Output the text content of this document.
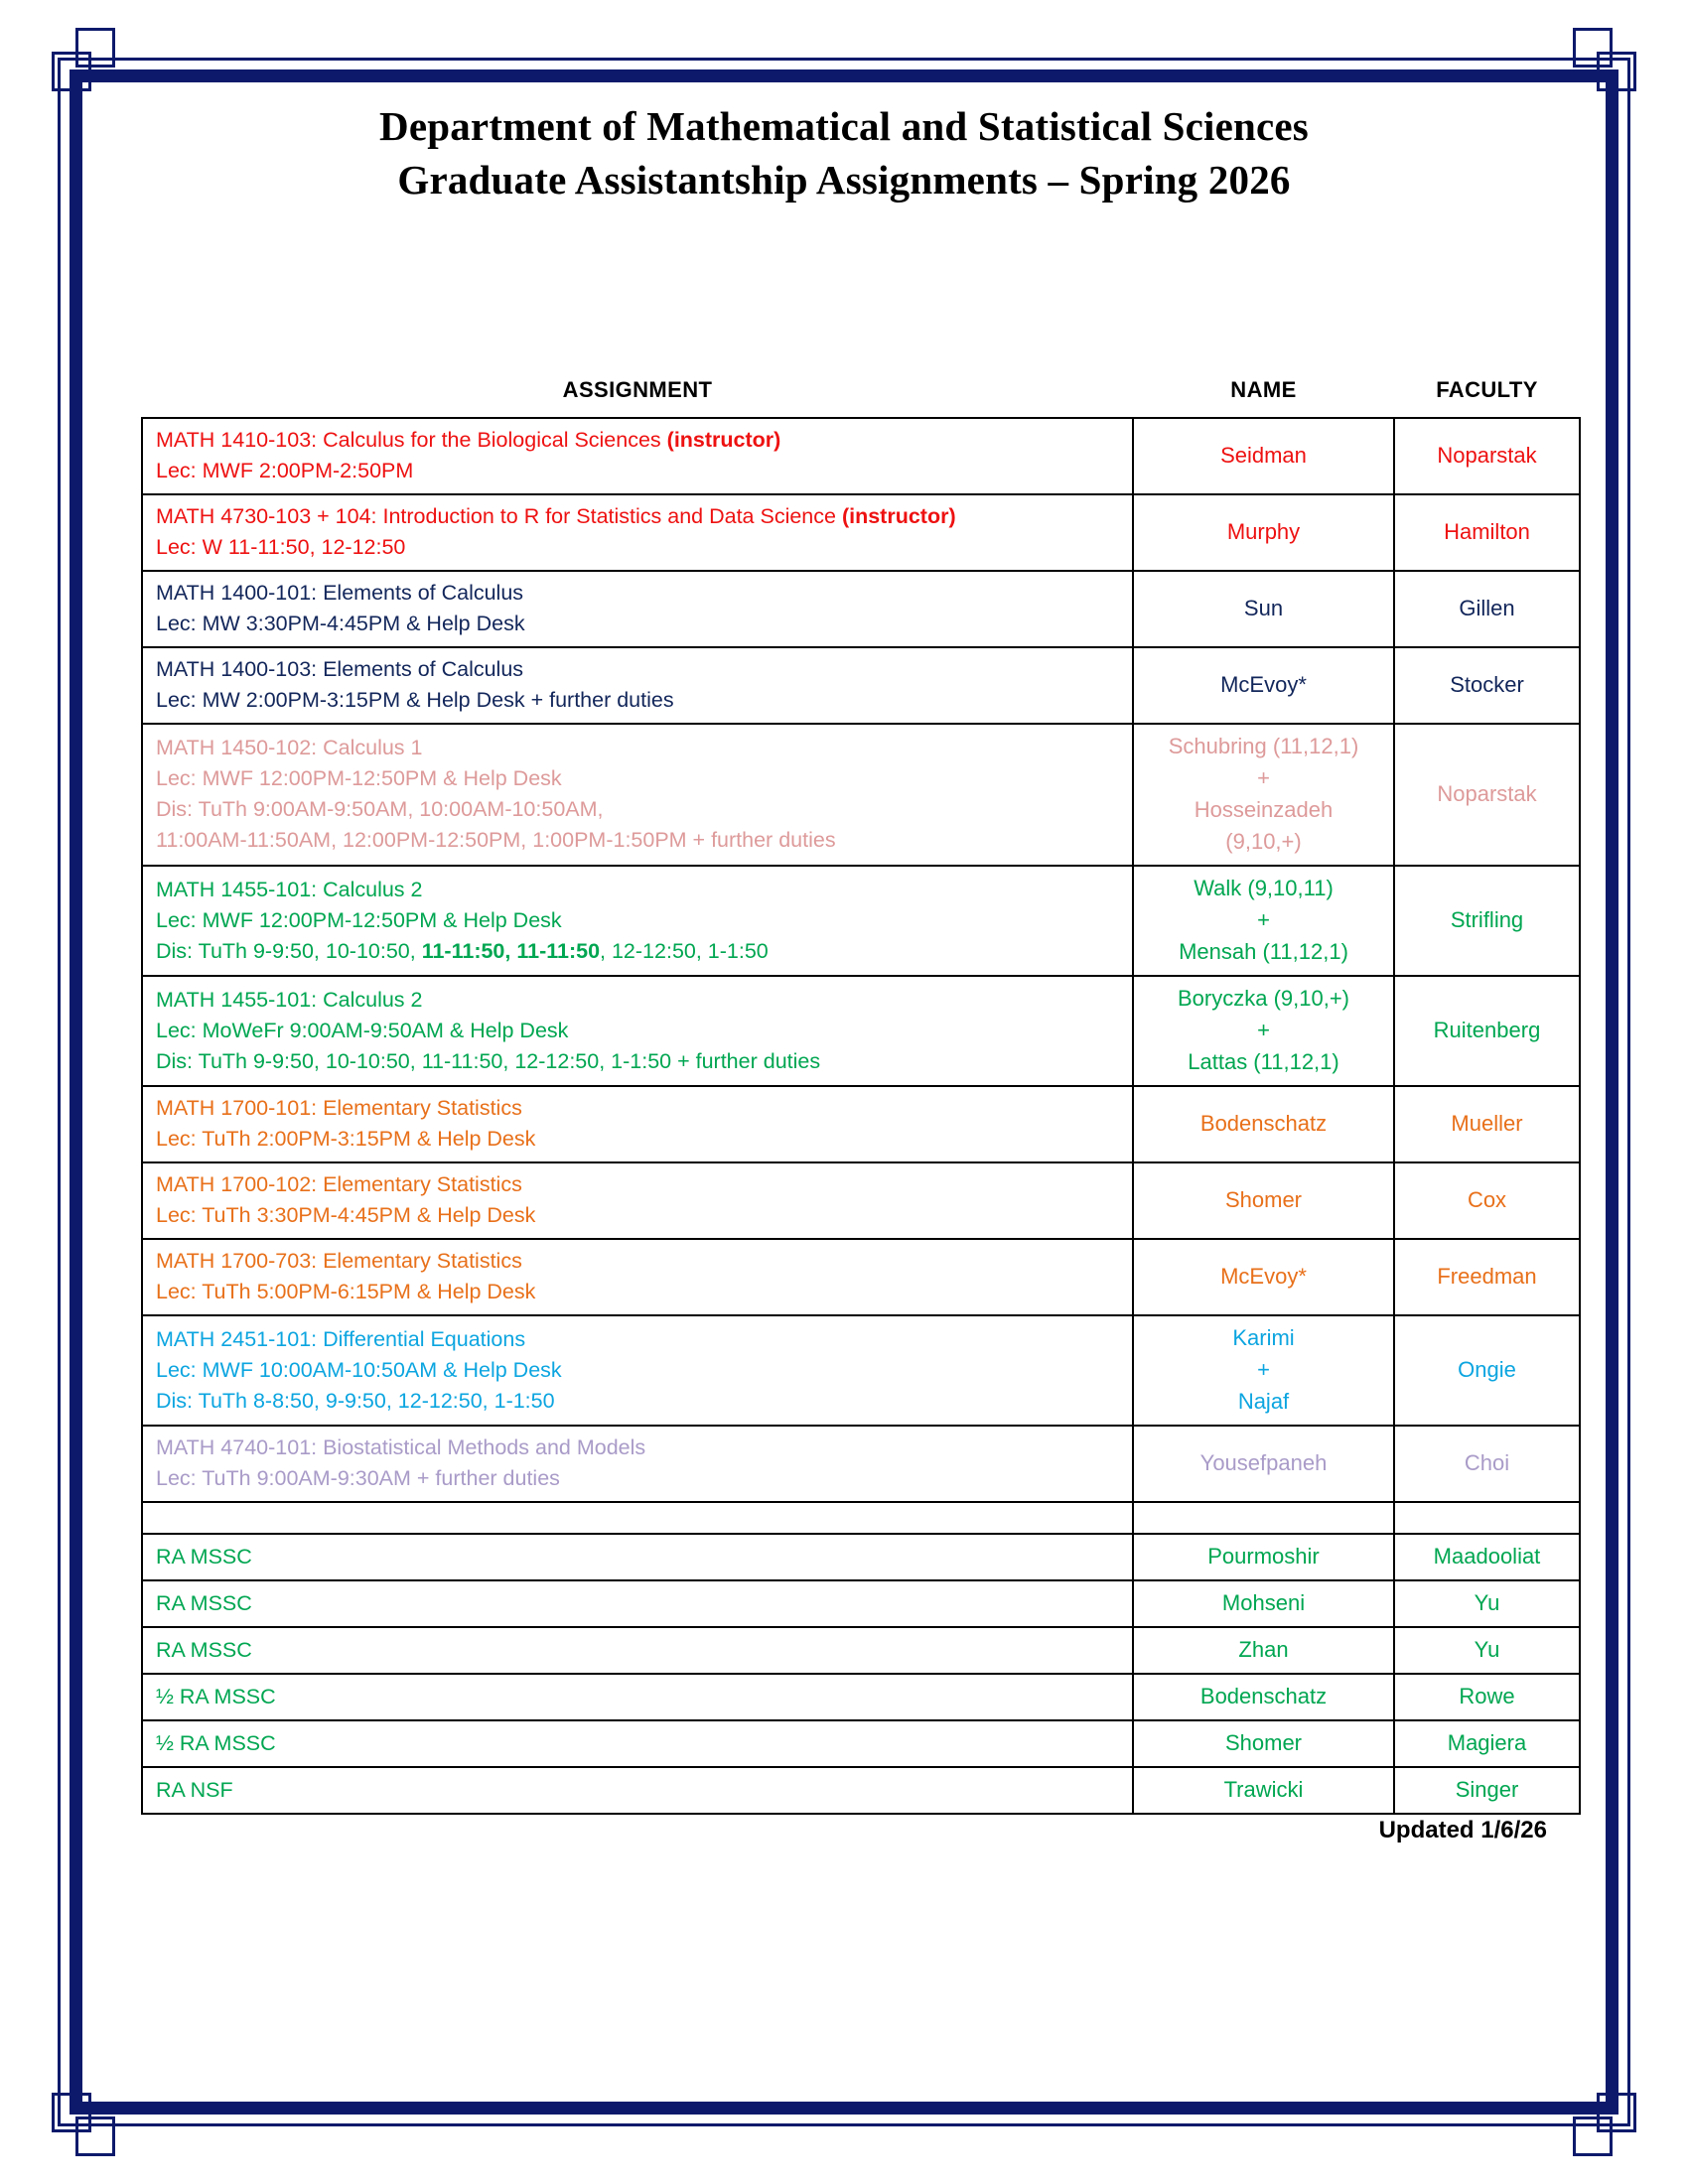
Department of Mathematical and Statistical Sciences
Graduate Assistantship Assignments – Spring 2026
ASSIGNMENT	NAME	FACULTY

MATH 1410-103: Calculus for the Biological Sciences (instructor)
Lec: MWF 2:00PM-2:50PM	Seidman	Noparstak

MATH 4730-103 + 104: Introduction to R for Statistics and Data Science (instructor)
Lec: W 11-11:50, 12-12:50	Murphy	Hamilton

MATH 1400-101: Elements of Calculus
Lec: MW 3:30PM-4:45PM & Help Desk	Sun	Gillen

MATH 1400-103: Elements of Calculus
Lec: MW 2:00PM-3:15PM & Help Desk + further duties	McEvoy*	Stocker

MATH 1450-102: Calculus 1
Lec: MWF 12:00PM-12:50PM & Help Desk
Dis: TuTh 9:00AM-9:50AM, 10:00AM-10:50AM,
11:00AM-11:50AM, 12:00PM-12:50PM, 1:00PM-1:50PM + further duties	Schubring (11,12,1)
+
Hosseinzadeh
(9,10,+)	Noparstak

MATH 1455-101: Calculus 2
Lec: MWF 12:00PM-12:50PM & Help Desk
Dis: TuTh 9-9:50, 10-10:50, 11-11:50, 11-11:50, 12-12:50, 1-1:50	Walk (9,10,11)
+
Mensah (11,12,1)	Strifling

MATH 1455-101: Calculus 2
Lec: MoWeFr 9:00AM-9:50AM & Help Desk
Dis: TuTh 9-9:50, 10-10:50, 11-11:50, 12-12:50, 1-1:50 + further duties	Boryczka (9,10,+)
+
Lattas (11,12,1)	Ruitenberg

MATH 1700-101: Elementary Statistics
Lec: TuTh 2:00PM-3:15PM & Help Desk	Bodenschatz	Mueller

MATH 1700-102: Elementary Statistics
Lec: TuTh 3:30PM-4:45PM & Help Desk	Shomer	Cox

MATH 1700-703: Elementary Statistics
Lec: TuTh 5:00PM-6:15PM & Help Desk	McEvoy*	Freedman

MATH 2451-101: Differential Equations
Lec: MWF 10:00AM-10:50AM & Help Desk
Dis: TuTh 8-8:50, 9-9:50, 12-12:50, 1-1:50	Karimi
+
Najaf	Ongie

MATH 4740-101: Biostatistical Methods and Models
Lec: TuTh 9:00AM-9:30AM + further duties	Yousefpaneh	Choi

RA MSSC	Pourmoshir	Maadooliat

RA MSSC	Mohseni	Yu

RA MSSC	Zhan	Yu

½ RA MSSC	Bodenschatz	Rowe

½ RA MSSC	Shomer	Magiera

RA NSF	Trawicki	Singer
Updated 1/6/26
